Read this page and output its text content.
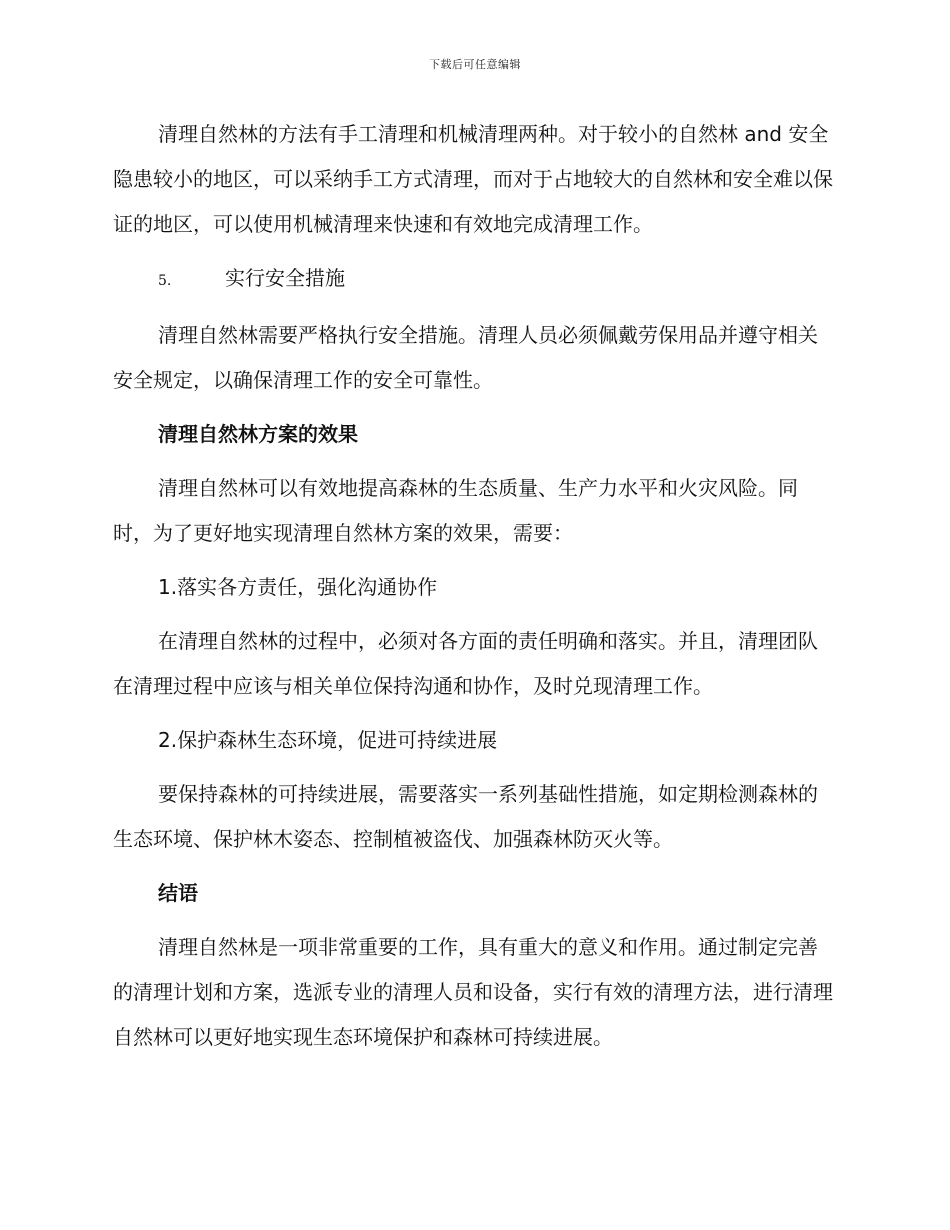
下载后可任意编辑

清理自然林的方法有手工清理和机械清理两种。对于较小的自然林 and 安全隐患较小的地区，可以采纳手工方式清理，而对于占地较大的自然林和安全难以保证的地区，可以使用机械清理来快速和有效地完成清理工作。

5.	实行安全措施

清理自然林需要严格执行安全措施。清理人员必须佩戴劳保用品并遵守相关安全规定，以确保清理工作的安全可靠性。

清理自然林方案的效果

清理自然林可以有效地提高森林的生态质量、生产力水平和火灾风险。同时，为了更好地实现清理自然林方案的效果，需要：

1.落实各方责任，强化沟通协作

在清理自然林的过程中，必须对各方面的责任明确和落实。并且，清理团队在清理过程中应该与相关单位保持沟通和协作，及时兑现清理工作。

2.保护森林生态环境，促进可持续进展

要保持森林的可持续进展，需要落实一系列基础性措施，如定期检测森林的生态环境、保护林木姿态、控制植被盗伐、加强森林防灭火等。

结语

清理自然林是一项非常重要的工作，具有重大的意义和作用。通过制定完善的清理计划和方案，选派专业的清理人员和设备，实行有效的清理方法，进行清理自然林可以更好地实现生态环境保护和森林可持续进展。
